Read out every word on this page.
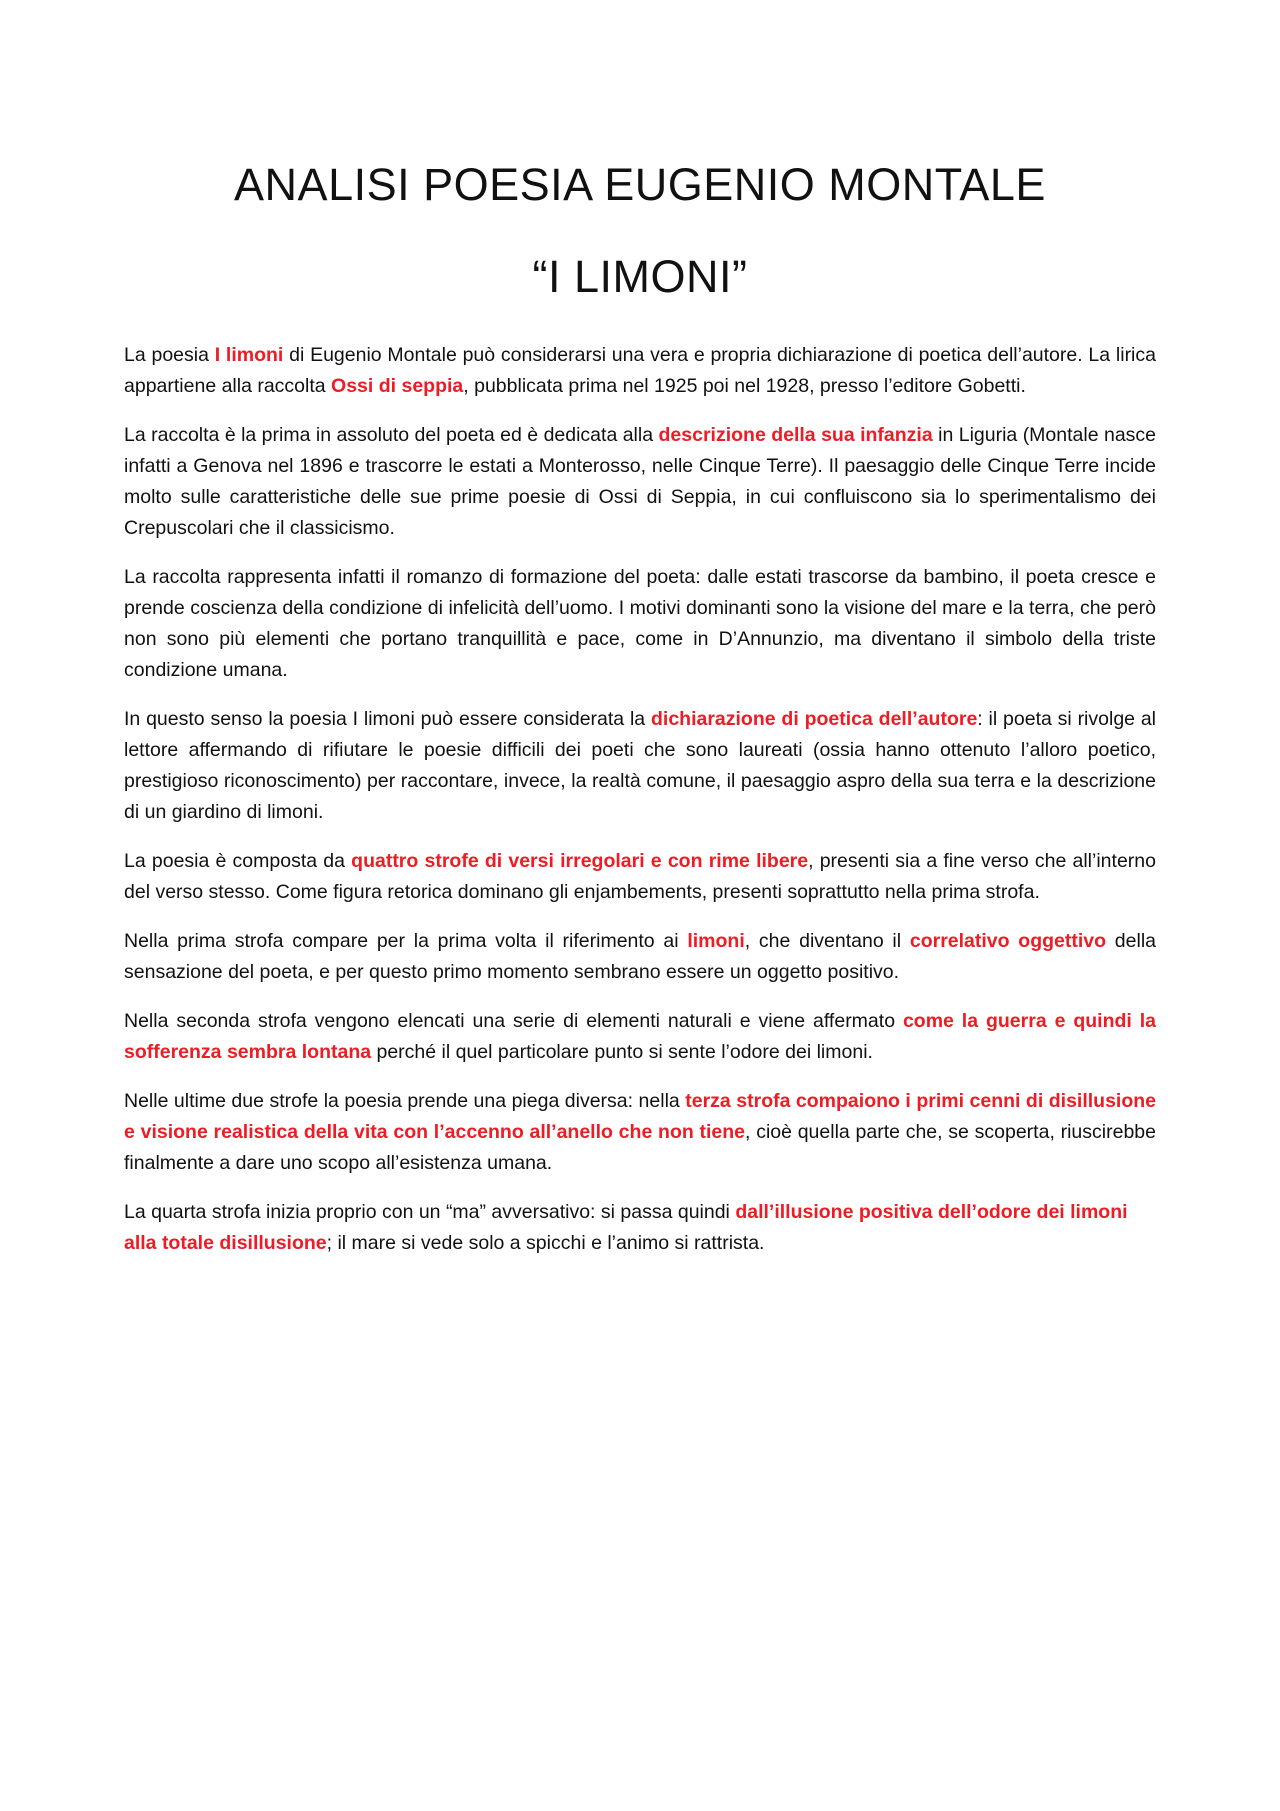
ANALISI POESIA EUGENIO MONTALE
“I LIMONI”

La poesia I limoni di Eugenio Montale può considerarsi una vera e propria dichiarazione di poetica dell’autore. La lirica appartiene alla raccolta Ossi di seppia, pubblicata prima nel 1925 poi nel 1928, presso l’editore Gobetti.

La raccolta è la prima in assoluto del poeta ed è dedicata alla descrizione della sua infanzia in Liguria (Montale nasce infatti a Genova nel 1896 e trascorre le estati a Monterosso, nelle Cinque Terre). Il paesaggio delle Cinque Terre incide molto sulle caratteristiche delle sue prime poesie di Ossi di Seppia, in cui confluiscono sia lo sperimentalismo dei Crepuscolari che il classicismo.

La raccolta rappresenta infatti il romanzo di formazione del poeta: dalle estati trascorse da bambino, il poeta cresce e prende coscienza della condizione di infelicità dell’uomo. I motivi dominanti sono la visione del mare e la terra, che però non sono più elementi che portano tranquillità e pace, come in D’Annunzio, ma diventano il simbolo della triste condizione umana.

In questo senso la poesia I limoni può essere considerata la dichiarazione di poetica dell’autore: il poeta si rivolge al lettore affermando di rifiutare le poesie difficili dei poeti che sono laureati (ossia hanno ottenuto l’alloro poetico, prestigioso riconoscimento) per raccontare, invece, la realtà comune, il paesaggio aspro della sua terra e la descrizione di un giardino di limoni.

La poesia è composta da quattro strofe di versi irregolari e con rime libere, presenti sia a fine verso che all’interno del verso stesso. Come figura retorica dominano gli enjambements, presenti soprattutto nella prima strofa.

Nella prima strofa compare per la prima volta il riferimento ai limoni, che diventano il correlativo oggettivo della sensazione del poeta, e per questo primo momento sembrano essere un oggetto positivo.

Nella seconda strofa vengono elencati una serie di elementi naturali e viene affermato come la guerra e quindi la sofferenza sembra lontana perché il quel particolare punto si sente l’odore dei limoni.

Nelle ultime due strofe la poesia prende una piega diversa: nella terza strofa compaiono i primi cenni di disillusione e visione realistica della vita con l’accenno all’anello che non tiene, cioè quella parte che, se scoperta, riuscirebbe finalmente a dare uno scopo all’esistenza umana.

La quarta strofa inizia proprio con un “ma” avversativo: si passa quindi dall’illusione positiva dell’odore dei limoni alla totale disillusione; il mare si vede solo a spicchi e l’animo si rattrista.
